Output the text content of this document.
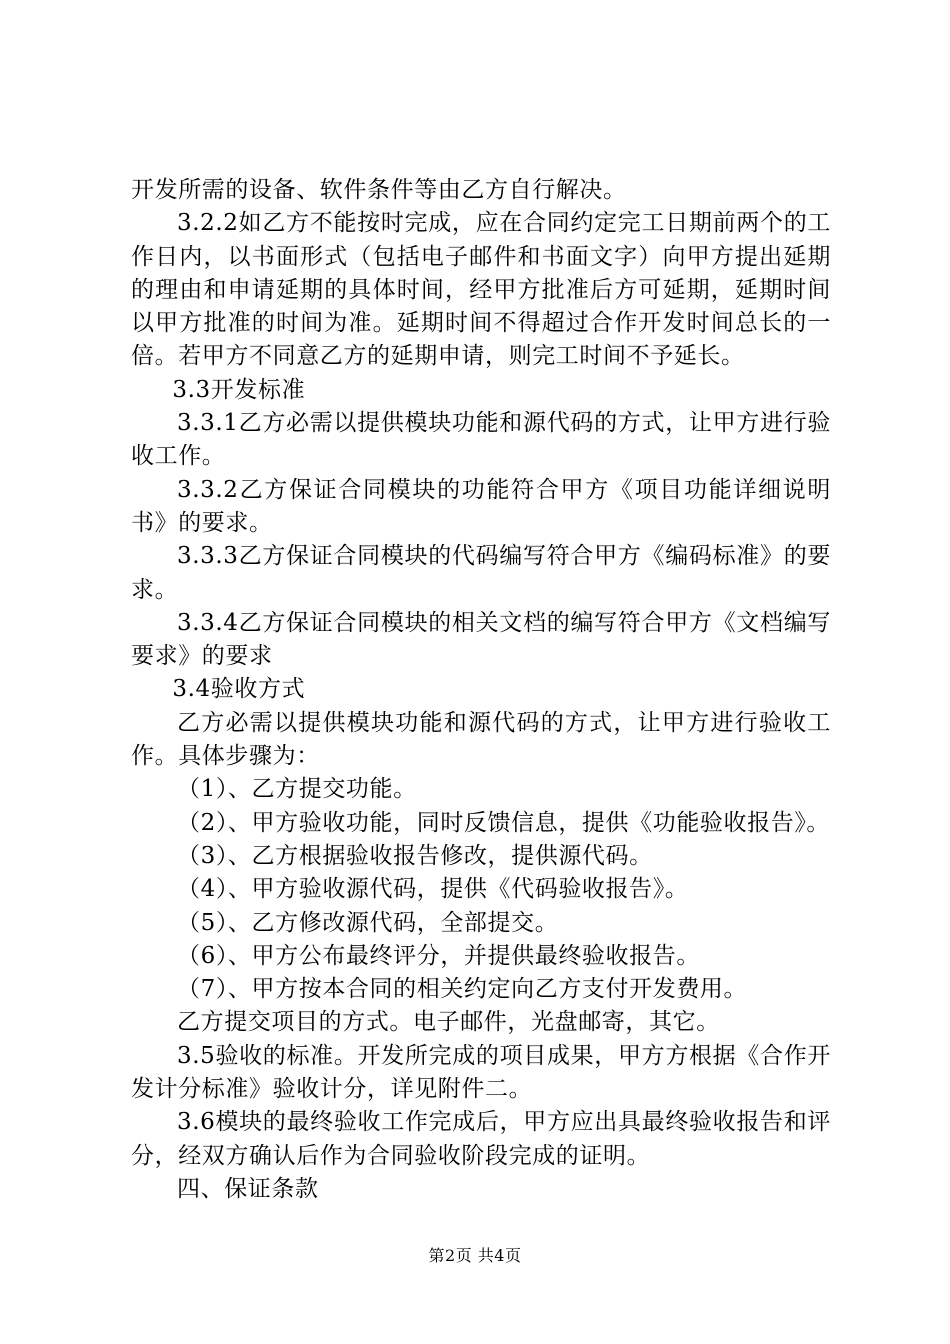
开发所需的设备、软件条件等由乙方自行解决。

3.2.2如乙方不能按时完成，应在合同约定完工日期前两个的工作日内，以书面形式（包括电子邮件和书面文字）向甲方提出延期的理由和申请延期的具体时间，经甲方批准后方可延期，延期时间以甲方批准的时间为准。延期时间不得超过合作开发时间总长的一倍。若甲方不同意乙方的延期申请，则完工时间不予延长。

3.3开发标准

3.3.1乙方必需以提供模块功能和源代码的方式，让甲方进行验收工作。

3.3.2乙方保证合同模块的功能符合甲方《项目功能详细说明书》的要求。

3.3.3乙方保证合同模块的代码编写符合甲方《编码标准》的要求。

3.3.4乙方保证合同模块的相关文档的编写符合甲方《文档编写要求》的要求

3.4验收方式

乙方必需以提供模块功能和源代码的方式，让甲方进行验收工作。具体步骤为：

（1）、乙方提交功能。

（2）、甲方验收功能，同时反馈信息，提供《功能验收报告》。

（3）、乙方根据验收报告修改，提供源代码。

（4）、甲方验收源代码，提供《代码验收报告》。

（5）、乙方修改源代码，全部提交。

（6）、甲方公布最终评分，并提供最终验收报告。

（7）、甲方按本合同的相关约定向乙方支付开发费用。

乙方提交项目的方式。电子邮件，光盘邮寄，其它。

3.5验收的标准。开发所完成的项目成果，甲方方根据《合作开发计分标准》验收计分，详见附件二。

3.6模块的最终验收工作完成后，甲方应出具最终验收报告和评分，经双方确认后作为合同验收阶段完成的证明。

四、保证条款

第2页 共4页
